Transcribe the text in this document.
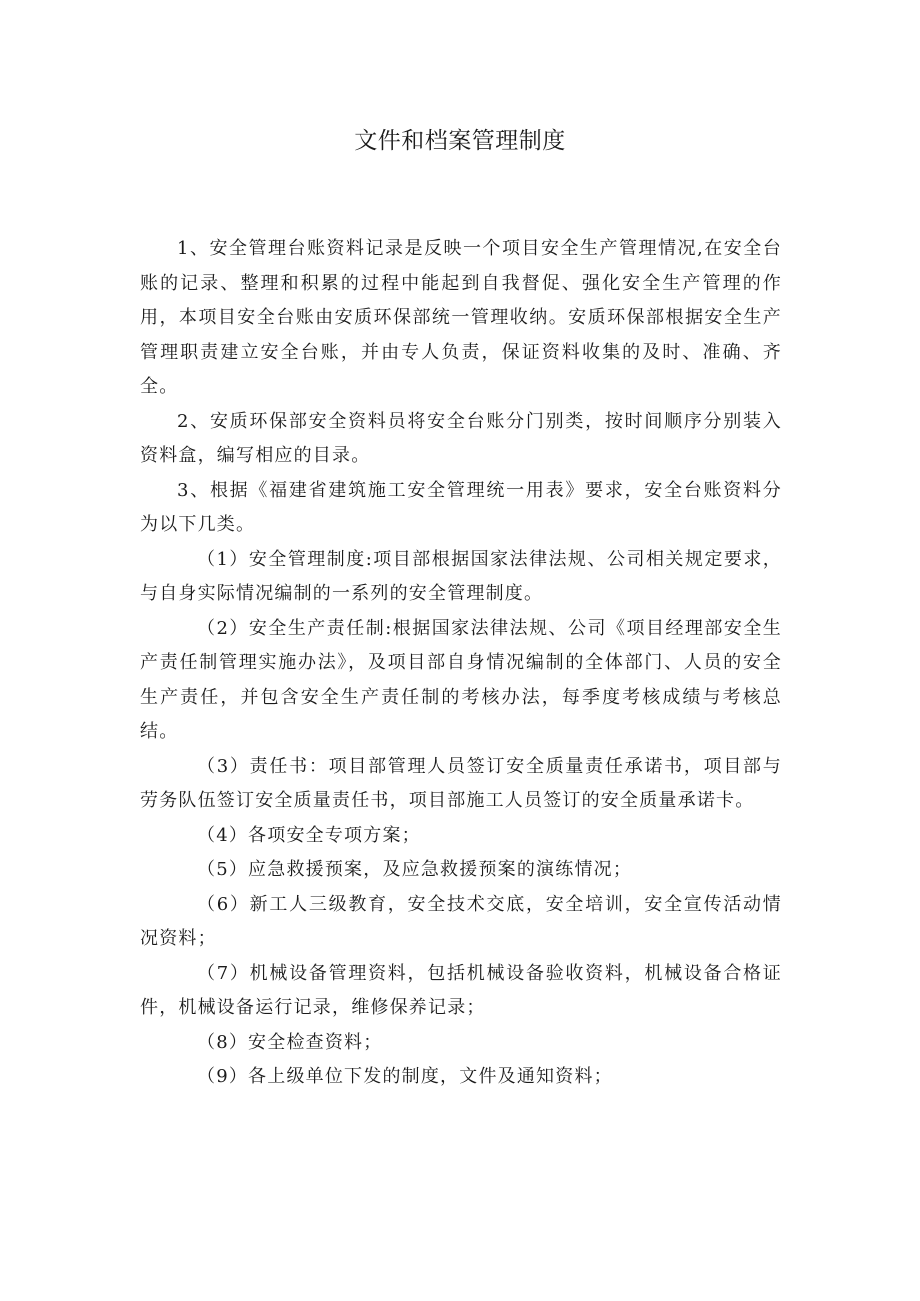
文件和档案管理制度

1、安全管理台账资料记录是反映一个项目安全生产管理情况,在安全台账的记录、整理和积累的过程中能起到自我督促、强化安全生产管理的作用，本项目安全台账由安质环保部统一管理收纳。安质环保部根据安全生产管理职责建立安全台账，并由专人负责，保证资料收集的及时、准确、齐全。

2、安质环保部安全资料员将安全台账分门别类，按时间顺序分别装入资料盒，编写相应的目录。

3、根据《福建省建筑施工安全管理统一用表》要求，安全台账资料分为以下几类。

（1）安全管理制度:项目部根据国家法律法规、公司相关规定要求，与自身实际情况编制的一系列的安全管理制度。

（2）安全生产责任制:根据国家法律法规、公司《项目经理部安全生产责任制管理实施办法》，及项目部自身情况编制的全体部门、人员的安全生产责任，并包含安全生产责任制的考核办法，每季度考核成绩与考核总结。

（3）责任书：项目部管理人员签订安全质量责任承诺书，项目部与劳务队伍签订安全质量责任书，项目部施工人员签订的安全质量承诺卡。

（4）各项安全专项方案；

（5）应急救援预案，及应急救援预案的演练情况；

（6）新工人三级教育，安全技术交底，安全培训，安全宣传活动情况资料；

（7）机械设备管理资料，包括机械设备验收资料，机械设备合格证件，机械设备运行记录，维修保养记录；

（8）安全检查资料；

（9）各上级单位下发的制度，文件及通知资料；
